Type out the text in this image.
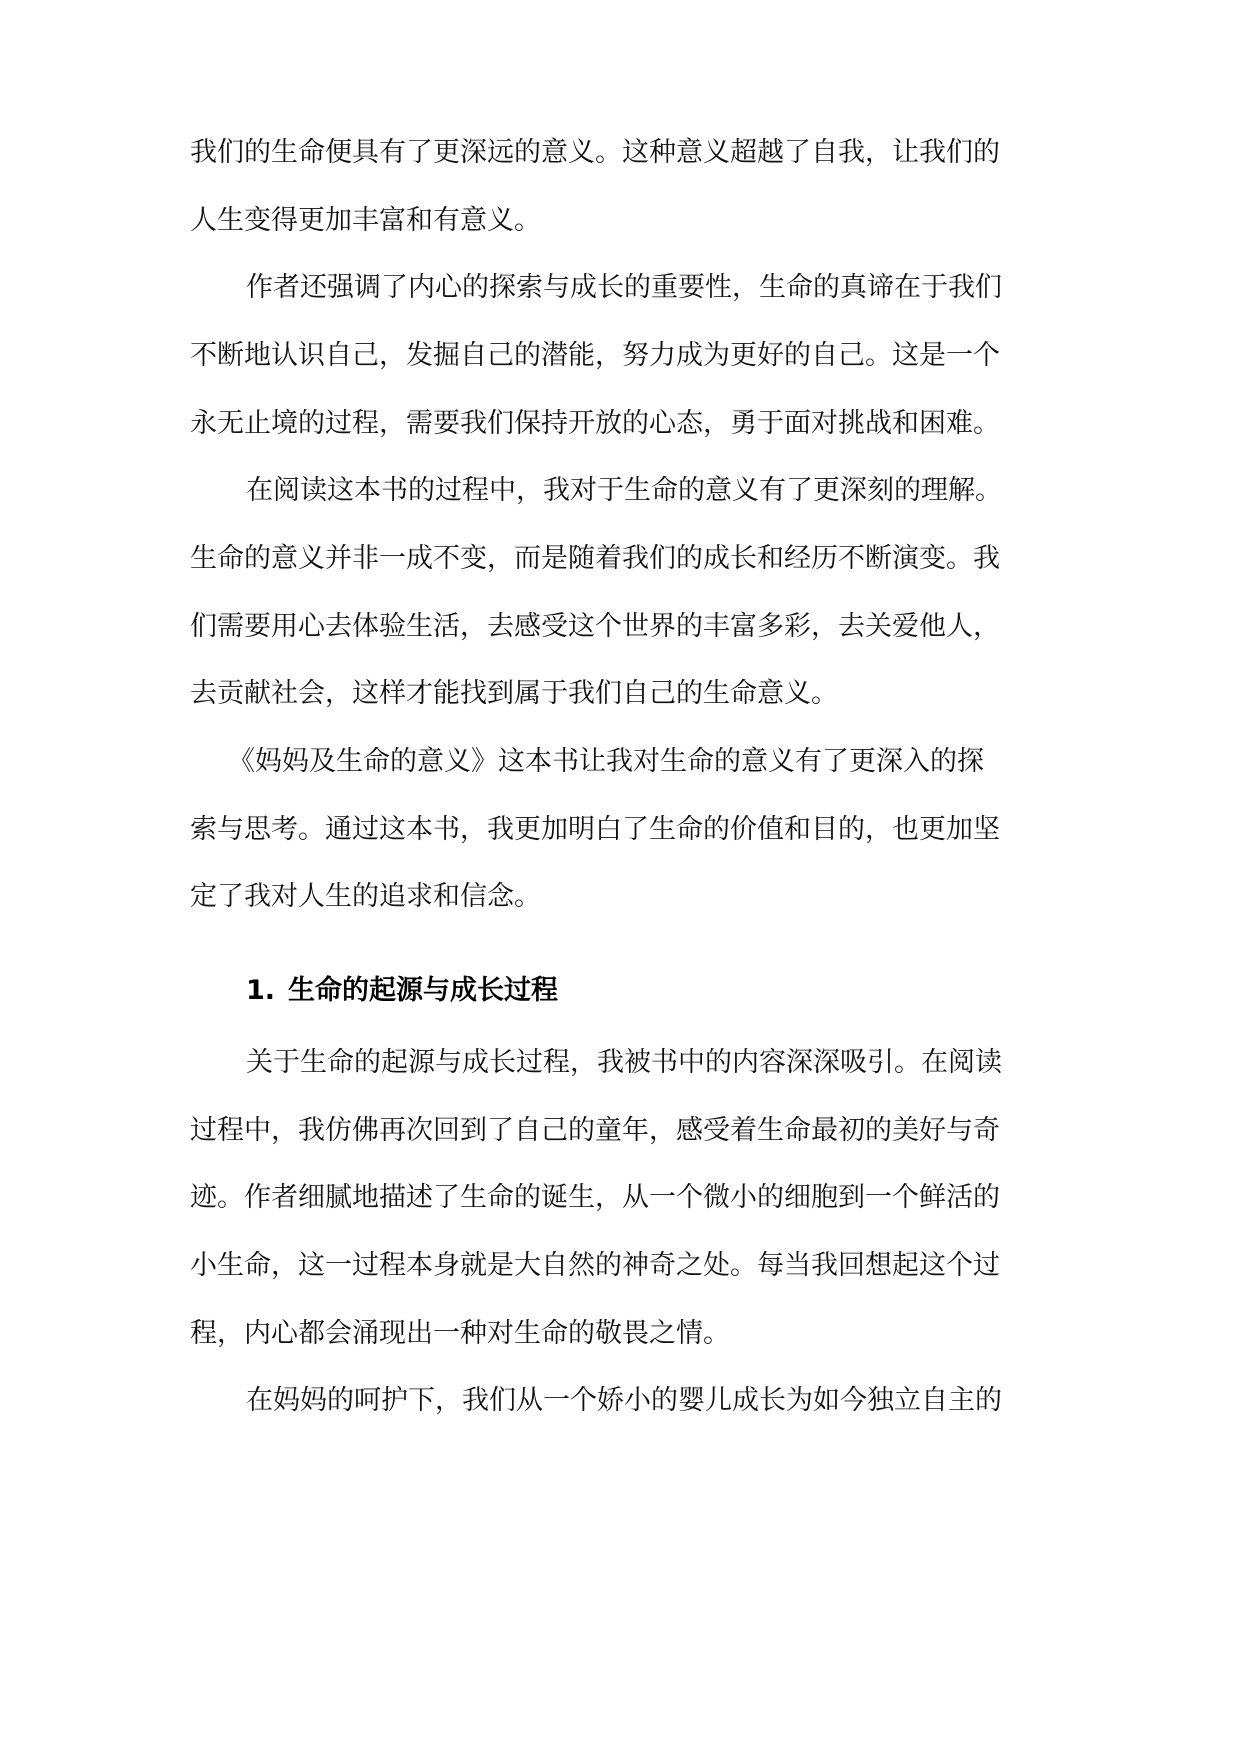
我们的生命便具有了更深远的意义。这种意义超越了自我，让我们的

人生变得更加丰富和有意义。

作者还强调了内心的探索与成长的重要性，生命的真谛在于我们

不断地认识自己，发掘自己的潜能，努力成为更好的自己。这是一个

永无止境的过程，需要我们保持开放的心态，勇于面对挑战和困难。

在阅读这本书的过程中，我对于生命的意义有了更深刻的理解。

生命的意义并非一成不变，而是随着我们的成长和经历不断演变。我

们需要用心去体验生活，去感受这个世界的丰富多彩，去关爱他人，

去贡献社会，这样才能找到属于我们自己的生命意义。

《妈妈及生命的意义》这本书让我对生命的意义有了更深入的探

索与思考。通过这本书，我更加明白了生命的价值和目的，也更加坚

定了我对人生的追求和信念。

1. 生命的起源与成长过程

关于生命的起源与成长过程，我被书中的内容深深吸引。在阅读

过程中，我仿佛再次回到了自己的童年，感受着生命最初的美好与奇

迹。作者细腻地描述了生命的诞生，从一个微小的细胞到一个鲜活的

小生命，这一过程本身就是大自然的神奇之处。每当我回想起这个过

程，内心都会涌现出一种对生命的敬畏之情。

在妈妈的呵护下，我们从一个娇小的婴儿成长为如今独立自主的
